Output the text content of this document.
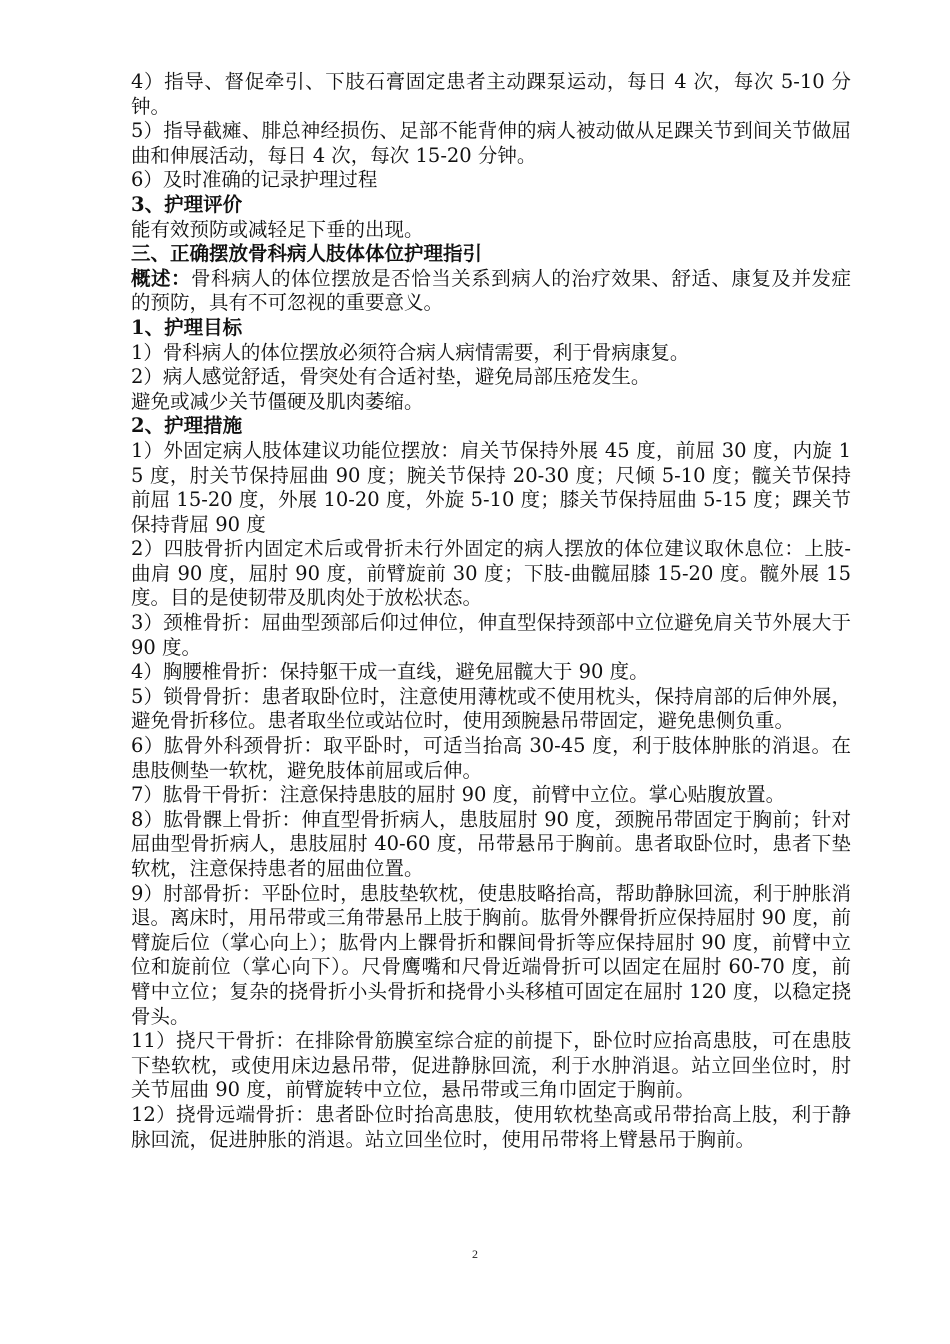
4）指导、督促牵引、下肢石膏固定患者主动踝泵运动，每日 4 次，每次 5-10 分钟。

5）指导截瘫、腓总神经损伤、足部不能背伸的病人被动做从足踝关节到间关节做屈曲和伸展活动，每日 4 次，每次 15-20 分钟。

6）及时准确的记录护理过程

3、护理评价

能有效预防或减轻足下垂的出现。

三、正确摆放骨科病人肢体体位护理指引

概述：骨科病人的体位摆放是否恰当关系到病人的治疗效果、舒适、康复及并发症的预防，具有不可忽视的重要意义。

1、护理目标

1）骨科病人的体位摆放必须符合病人病情需要，利于骨病康复。

2）病人感觉舒适，骨突处有合适衬垫，避免局部压疮发生。

避免或减少关节僵硬及肌肉萎缩。

2、护理措施

1）外固定病人肢体建议功能位摆放：肩关节保持外展 45 度，前屈 30 度，内旋 15 度，肘关节保持屈曲 90 度；腕关节保持 20-30 度；尺倾 5-10 度；髋关节保持前屈 15-20 度，外展 10-20 度，外旋 5-10 度；膝关节保持屈曲 5-15 度；踝关节保持背屈 90 度

2）四肢骨折内固定术后或骨折未行外固定的病人摆放的体位建议取休息位：上肢-曲肩 90 度，屈肘 90 度，前臂旋前 30 度；下肢-曲髋屈膝 15-20 度。髋外展 15 度。目的是使韧带及肌肉处于放松状态。

3）颈椎骨折：屈曲型颈部后仰过伸位，伸直型保持颈部中立位避免肩关节外展大于 90 度。

4）胸腰椎骨折：保持躯干成一直线，避免屈髋大于 90 度。

5）锁骨骨折：患者取卧位时，注意使用薄枕或不使用枕头，保持肩部的后伸外展，避免骨折移位。患者取坐位或站位时，使用颈腕悬吊带固定，避免患侧负重。

6）肱骨外科颈骨折：取平卧时，可适当抬高 30-45 度，利于肢体肿胀的消退。在患肢侧垫一软枕，避免肢体前屈或后伸。

7）肱骨干骨折：注意保持患肢的屈肘 90 度，前臂中立位。掌心贴腹放置。

8）肱骨髁上骨折：伸直型骨折病人，患肢屈肘 90 度，颈腕吊带固定于胸前；针对屈曲型骨折病人，患肢屈肘 40-60 度，吊带悬吊于胸前。患者取卧位时，患者下垫软枕，注意保持患者的屈曲位置。

9）肘部骨折：平卧位时，患肢垫软枕，使患肢略抬高，帮助静脉回流，利于肿胀消退。离床时，用吊带或三角带悬吊上肢于胸前。肱骨外髁骨折应保持屈肘 90 度，前臂旋后位（掌心向上）；肱骨内上髁骨折和髁间骨折等应保持屈肘 90 度，前臂中立位和旋前位（掌心向下）。尺骨鹰嘴和尺骨近端骨折可以固定在屈肘 60-70 度，前臂中立位；复杂的挠骨折小头骨折和挠骨小头移植可固定在屈肘 120 度，以稳定挠骨头。

11）挠尺干骨折：在排除骨筋膜室综合症的前提下，卧位时应抬高患肢，可在患肢下垫软枕，或使用床边悬吊带，促进静脉回流，利于水肿消退。站立回坐位时，肘关节屈曲 90 度，前臂旋转中立位，悬吊带或三角巾固定于胸前。

12）挠骨远端骨折：患者卧位时抬高患肢，使用软枕垫高或吊带抬高上肢，利于静脉回流，促进肿胀的消退。站立回坐位时，使用吊带将上臂悬吊于胸前。

2
